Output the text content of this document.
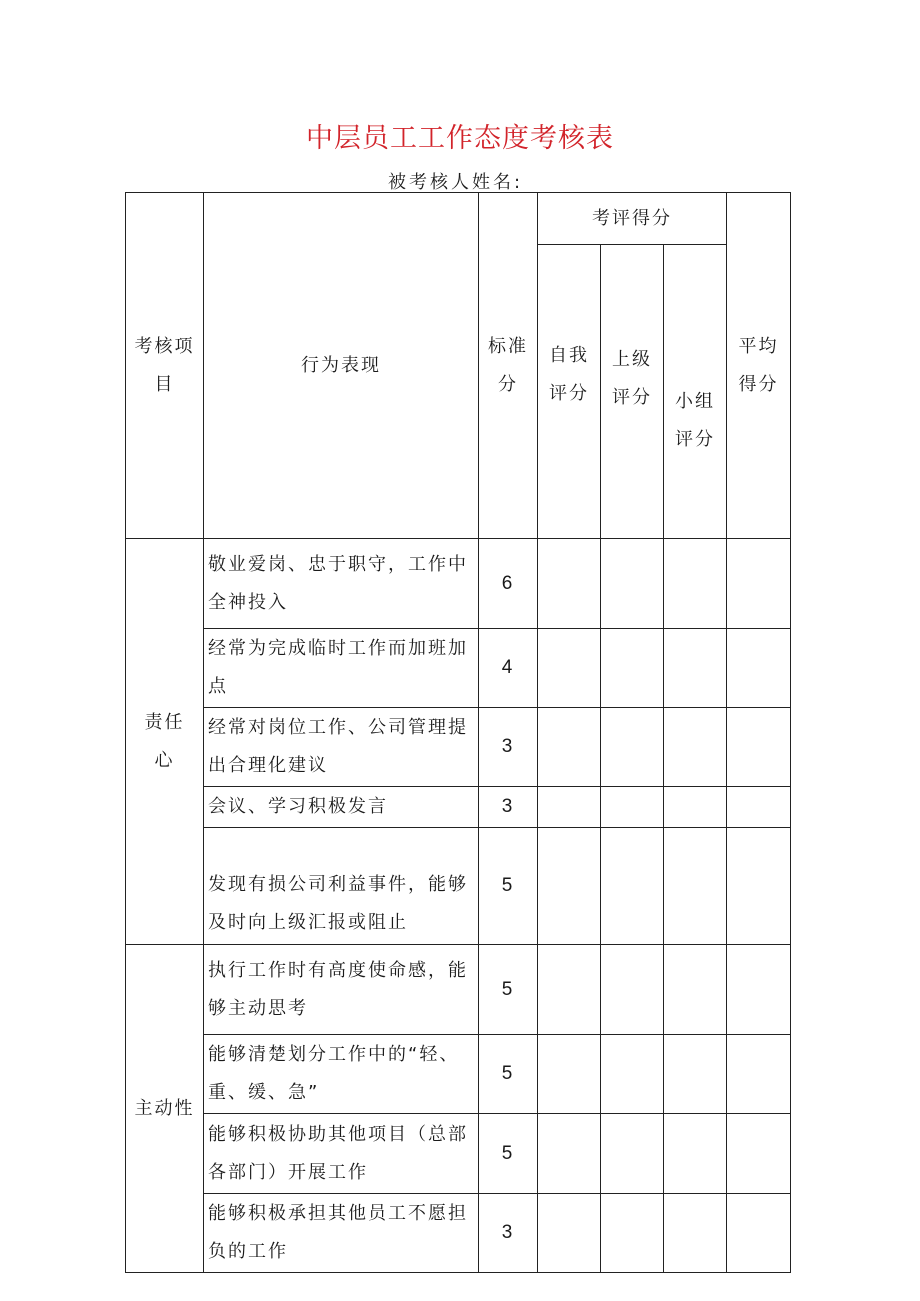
中层员工工作态度考核表
被考核人姓名:
考核项目	行为表现	标准分	考评得分			平均得分

			自我评分	上级评分	小组评分	

责任心	敬业爱岗、忠于职守，工作中全神投入	6				
	经常为完成临时工作而加班加点	4				
	经常对岗位工作、公司管理提出合理化建议	3				
	会议、学习积极发言	3				
	发现有损公司利益事件，能够及时向上级汇报或阻止	5				
主动性	执行工作时有高度使命感，能够主动思考	5				
	能够清楚划分工作中的“轻、重、缓、急”	5				
	能够积极协助其他项目（总部各部门）开展工作	5				
	能够积极承担其他员工不愿担负的工作	3				
